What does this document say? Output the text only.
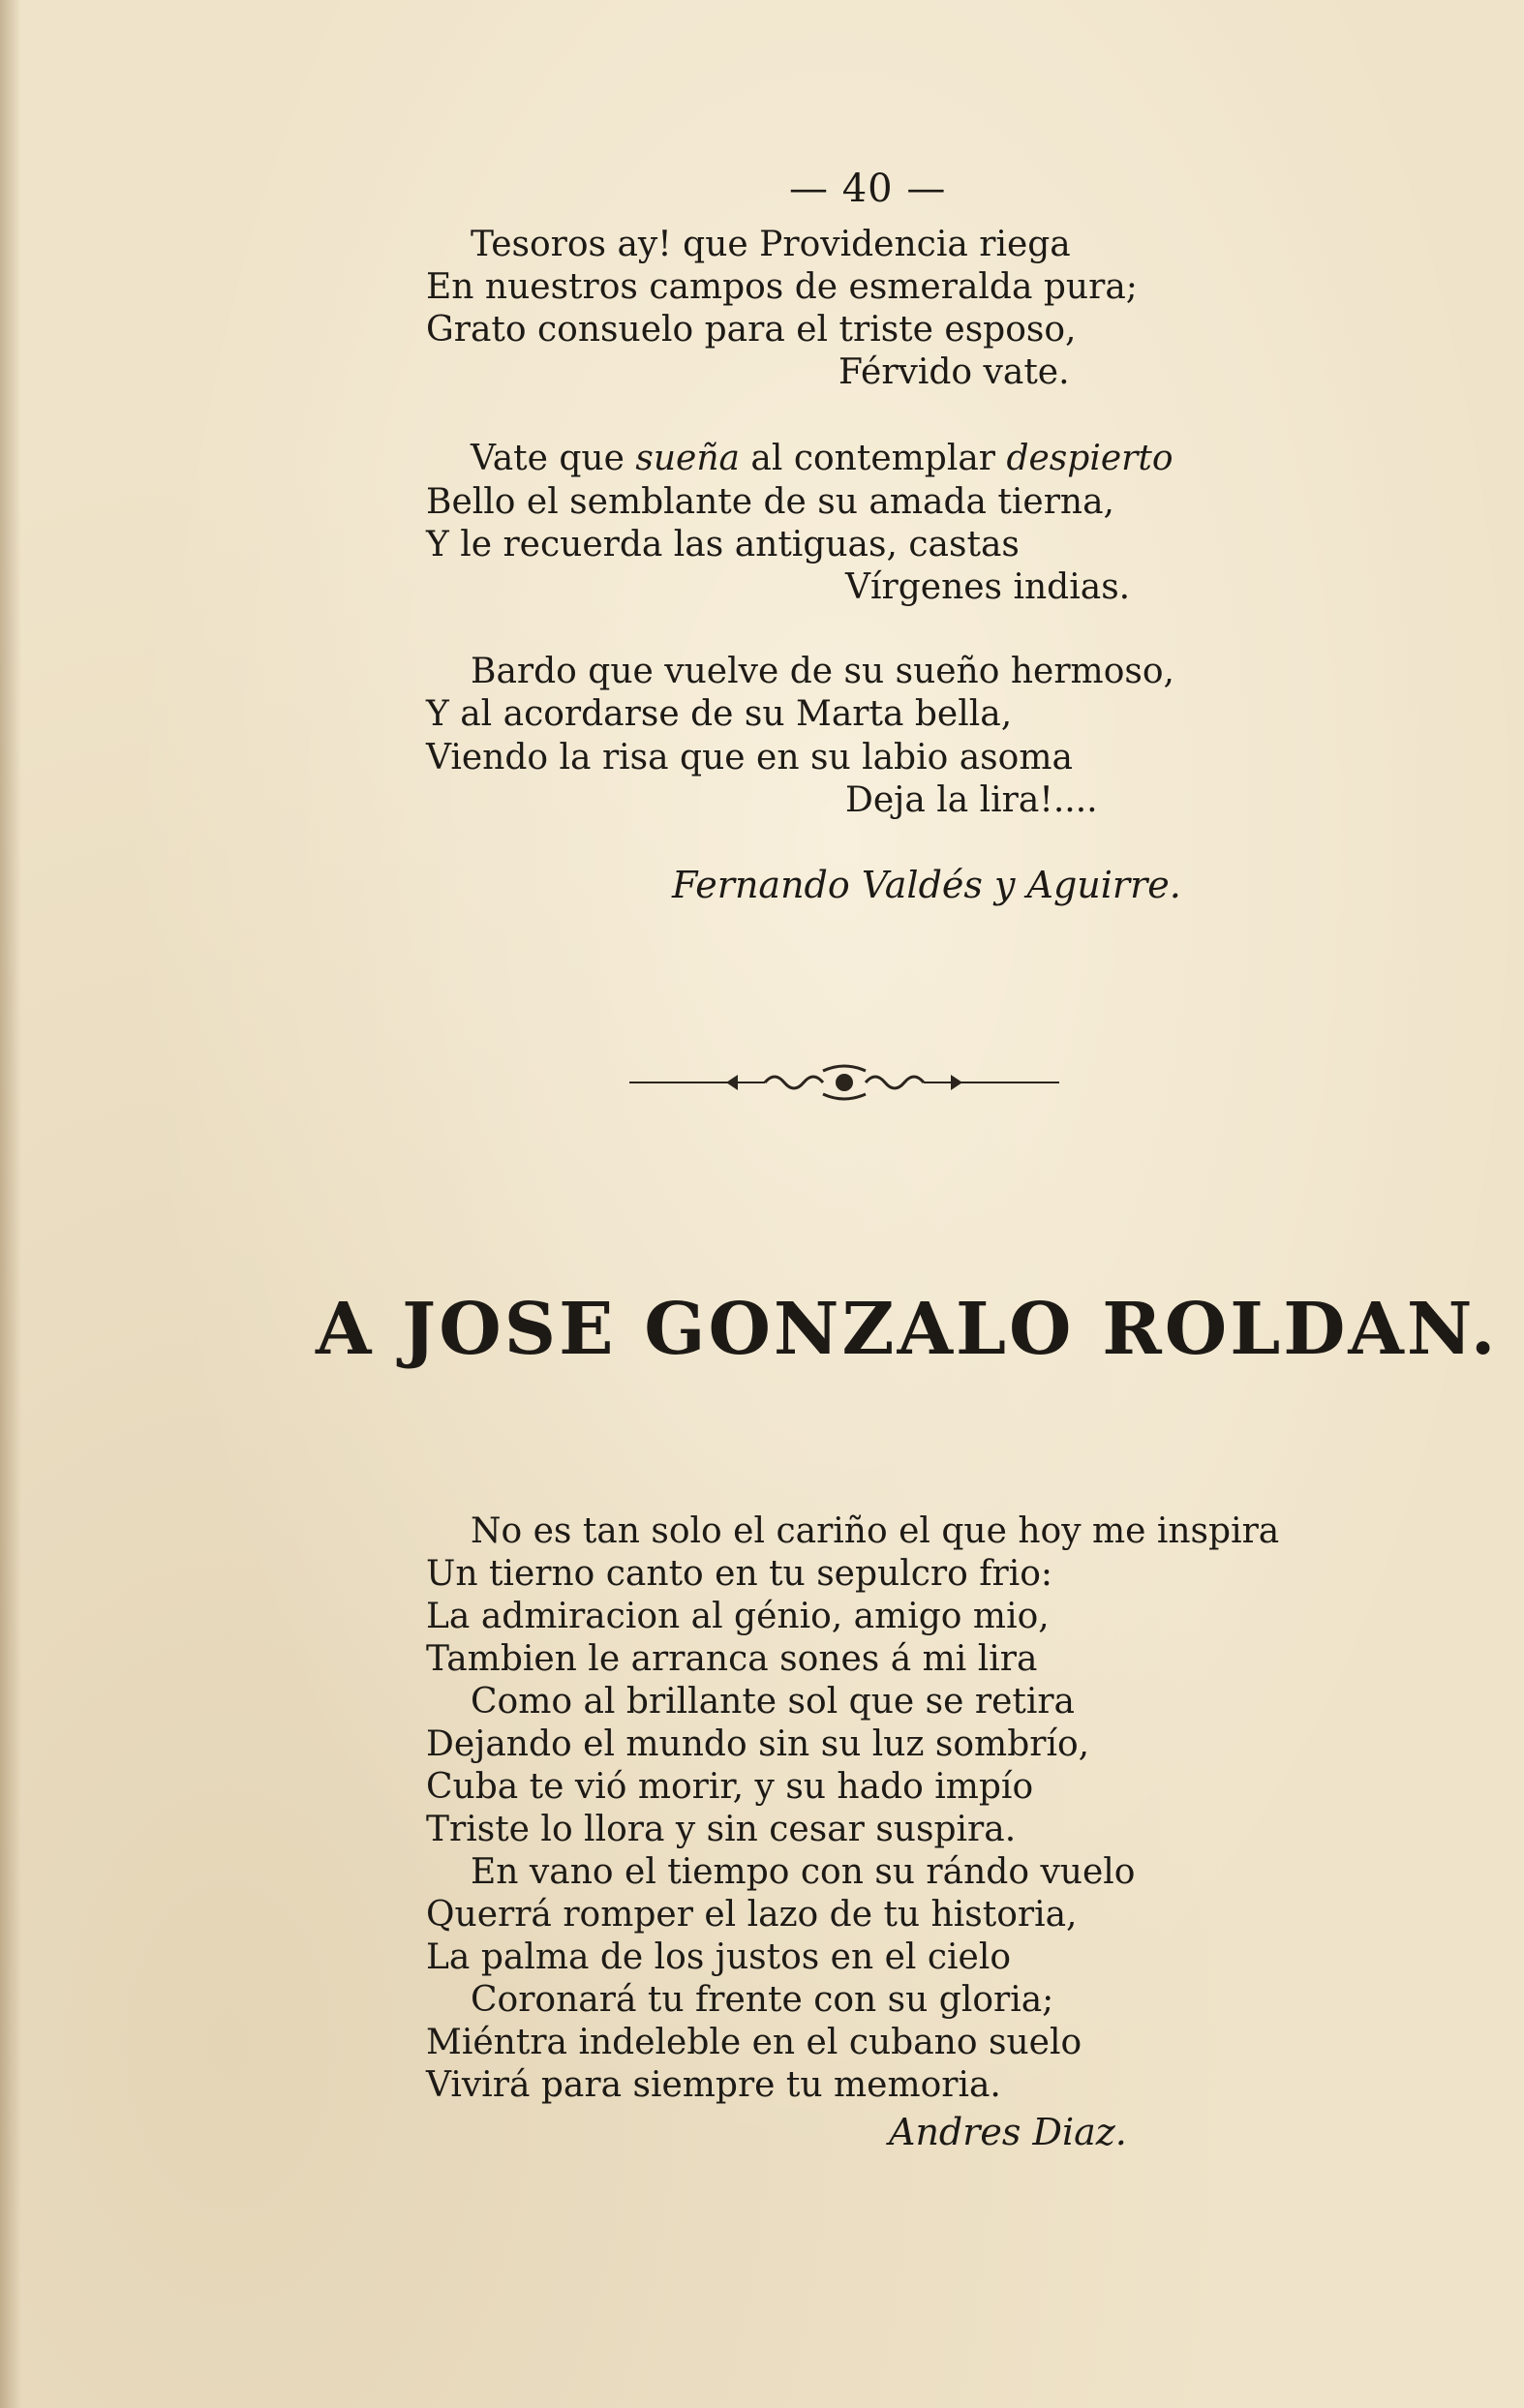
— 40 —
Tesoros ay! que Providencia riega
En nuestros campos de esmeralda pura;
Grato consuelo para el triste esposo,
Férvido vate.
Vate que sueña al contemplar despierto
Bello el semblante de su amada tierna,
Y le recuerda las antiguas, castas
Vírgenes indias.
Bardo que vuelve de su sueño hermoso,
Y al acordarse de su Marta bella,
Viendo la risa que en su labio asoma
Deja la lira!....
Fernando Valdés y Aguirre.
A JOSE GONZALO ROLDAN.
No es tan solo el cariño el que hoy me inspira
Un tierno canto en tu sepulcro frio:
La admiracion al génio, amigo mio,
Tambien le arranca sones á mi lira
Como al brillante sol que se retira
Dejando el mundo sin su luz sombrío,
Cuba te vió morir, y su hado impío
Triste lo llora y sin cesar suspira.
En vano el tiempo con su rándo vuelo
Querrá romper el lazo de tu historia,
La palma de los justos en el cielo
Coronará tu frente con su gloria;
Miéntra indeleble en el cubano suelo
Vivirá para siempre tu memoria.
Andres Diaz.
